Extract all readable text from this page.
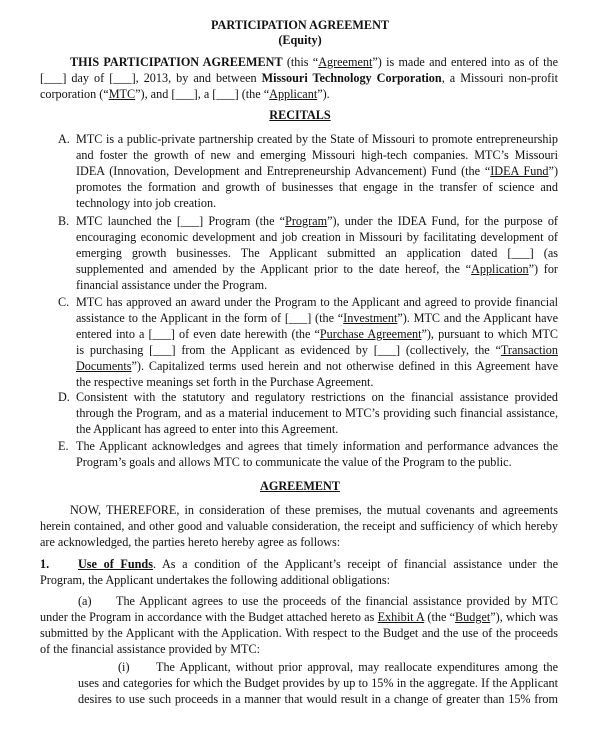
PARTICIPATION AGREEMENT
(Equity)
THIS PARTICIPATION AGREEMENT (this “Agreement”) is made and entered into as of the
[___] day of [___], 2013, by and between Missouri Technology Corporation, a Missouri non-profit
corporation (“MTC”), and [___], a [___] (the “Applicant”).
RECITALS
A. MTC is a public-private partnership created by the State of Missouri to promote entrepreneurship
and foster the growth of new and emerging Missouri high-tech companies. MTC’s Missouri
IDEA (Innovation, Development and Entrepreneurship Advancement) Fund (the “IDEA Fund”)
promotes the formation and growth of businesses that engage in the transfer of science and
technology into job creation.
B. MTC launched the [___] Program (the “Program”), under the IDEA Fund, for the purpose of
encouraging economic development and job creation in Missouri by facilitating development of
emerging growth businesses. The Applicant submitted an application dated [___] (as
supplemented and amended by the Applicant prior to the date hereof, the “Application”) for
financial assistance under the Program.
C. MTC has approved an award under the Program to the Applicant and agreed to provide financial
assistance to the Applicant in the form of [___] (the “Investment”). MTC and the Applicant have
entered into a [___] of even date herewith (the “Purchase Agreement”), pursuant to which MTC
is purchasing [___] from the Applicant as evidenced by [___] (collectively, the “Transaction
Documents”). Capitalized terms used herein and not otherwise defined in this Agreement have
the respective meanings set forth in the Purchase Agreement.
D. Consistent with the statutory and regulatory restrictions on the financial assistance provided
through the Program, and as a material inducement to MTC’s providing such financial assistance,
the Applicant has agreed to enter into this Agreement.
E. The Applicant acknowledges and agrees that timely information and performance advances the
Program’s goals and allows MTC to communicate the value of the Program to the public.
AGREEMENT
NOW, THEREFORE, in consideration of these premises, the mutual covenants and agreements
herein contained, and other good and valuable consideration, the receipt and sufficiency of which hereby
are acknowledged, the parties hereto hereby agree as follows:
1. Use of Funds. As a condition of the Applicant’s receipt of financial assistance under the
Program, the Applicant undertakes the following additional obligations:
(a) The Applicant agrees to use the proceeds of the financial assistance provided by MTC
under the Program in accordance with the Budget attached hereto as Exhibit A (the “Budget”), which was
submitted by the Applicant with the Application. With respect to the Budget and the use of the proceeds
of the financial assistance provided by MTC:
(i) The Applicant, without prior approval, may reallocate expenditures among the
uses and categories for which the Budget provides by up to 15% in the aggregate. If the Applicant
desires to use such proceeds in a manner that would result in a change of greater than 15% from
